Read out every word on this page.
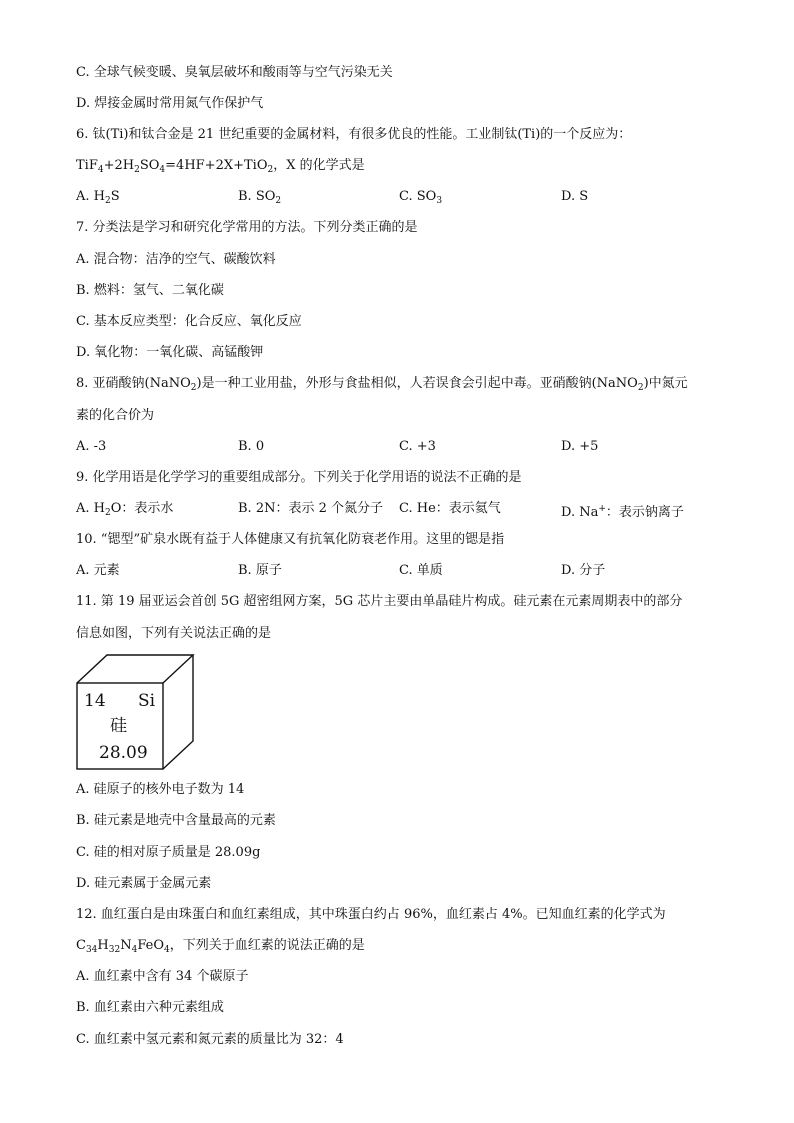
C. 全球气候变暖、臭氧层破坏和酸雨等与空气污染无关
D. 焊接金属时常用氮气作保护气
6. 钛(Ti)和钛合金是 21 世纪重要的金属材料，有很多优良的性能。工业制钛(Ti)的一个反应为：
$TiF_4+2H_2SO_4=4HF+2X+TiO_2$，X 的化学式是
A. $H_2S$	B. $SO_2$	C. $SO_3$	D. S
7. 分类法是学习和研究化学常用的方法。下列分类正确的是
A. 混合物：洁净的空气、碳酸饮料
B. 燃料：氢气、二氧化碳
C. 基本反应类型：化合反应、氧化反应
D. 氧化物：一氧化碳、高锰酸钾
8. 亚硝酸钠(NaNO$_2$)是一种工业用盐，外形与食盐相似，人若误食会引起中毒。亚硝酸钠(NaNO$_2$)中氮元
素的化合价为
A. -3	B. 0	C. +3	D. +5
9. 化学用语是化学学习的重要组成部分。下列关于化学用语的说法不正确的是
A. $H_2O$：表示水	B. 2N：表示 2 个氮分子 C. He：表示氦气	D. Na+：表示钠离子
10. “锶型”矿泉水既有益于人体健康又有抗氧化防衰老作用。这里的锶是指
A. 元素	B. 原子	C. 单质	D. 分子
11. 第 19 届亚运会首创 5G 超密组网方案，5G 芯片主要由单晶硅片构成。硅元素在元素周期表中的部分
信息如图，下列有关说法正确的是
14 Si
硅
28.09
A. 硅原子的核外电子数为 14
B. 硅元素是地壳中含量最高的元素
C. 硅的相对原子质量是 28.09g
D. 硅元素属于金属元素
12. 血红蛋白是由珠蛋白和血红素组成，其中珠蛋白约占 96%，血红素占 4%。已知血红素的化学式为
$C_{34}H_{32}N_4FeO_4$，下列关于血红素的说法正确的是
A. 血红素中含有 34 个碳原子
B. 血红素由六种元素组成
C. 血红素中氢元素和氮元素的质量比为 32：4
